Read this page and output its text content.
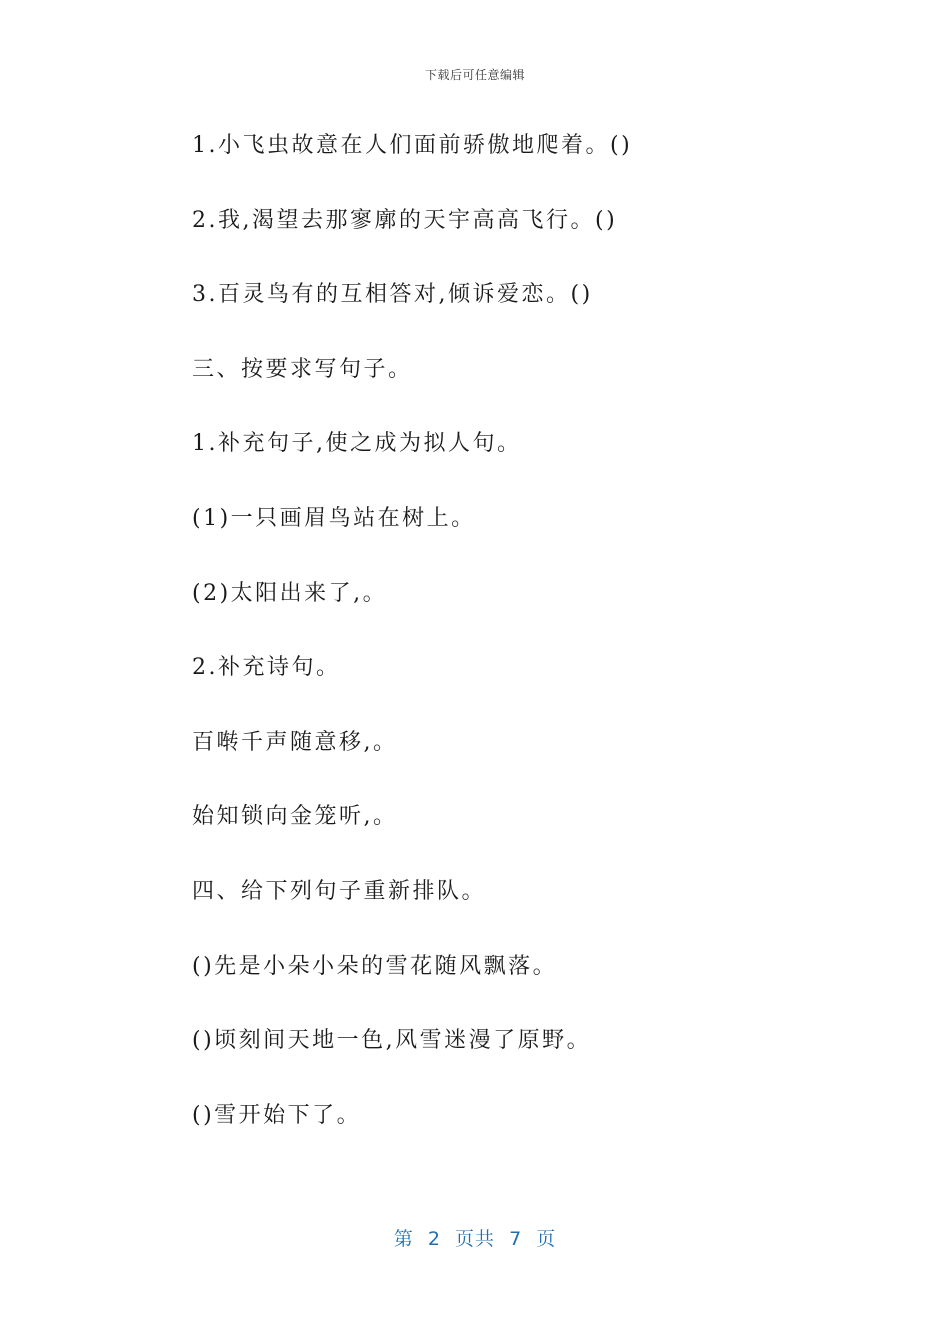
下载后可任意编辑
1.小飞虫故意在人们面前骄傲地爬着。()
2.我,渴望去那寥廓的天宇高高飞行。()
3.百灵鸟有的互相答对,倾诉爱恋。()
三、按要求写句子。
1.补充句子,使之成为拟人句。
(1)一只画眉鸟站在树上。
(2)太阳出来了,。
2.补充诗句。
百啭千声随意移,。
始知锁向金笼听,。
四、给下列句子重新排队。
()先是小朵小朵的雪花随风飘落。
()顷刻间天地一色,风雪迷漫了原野。
()雪开始下了。
第  2  页共  7  页
